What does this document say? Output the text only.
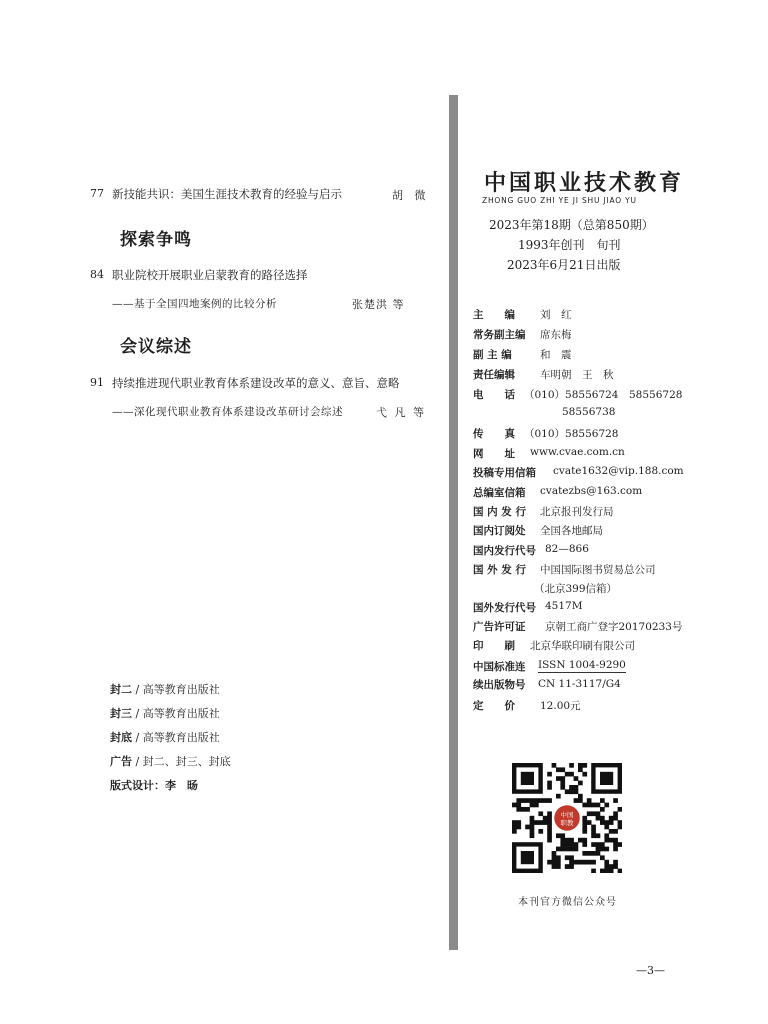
77 新技能共识：美国生涯技术教育的经验与启示	胡 微
探索争鸣
84 职业院校开展职业启蒙教育的路径选择
——基于全国四地案例的比较分析	张楚洪 等
会议综述
91 持续推进现代职业教育体系建设改革的意义、意旨、意略
——深化现代职业教育体系建设改革研讨会综述	弋 凡 等
封二 / 高等教育出版社
封三 / 高等教育出版社
封底 / 高等教育出版社
广告 / 封二、封三、封底
版式设计：李　旸
中国职业技术教育
ZHONG GUO ZHI YE JI SHU JIAO YU
2023年第18期（总第850期）
1993年创刊　旬刊
2023年6月21日出版
主　　编 刘　红
常务副主编 席东梅
副 主 编	和　震
责任编辑 车明朝　王　秋
电　　话 （010）58556724　58556728
58556738
传　　真 （010）58556728
网　　址 www.cvae.com.cn
投稿专用信箱 cvate1632@vip.188.com
总编室信箱 cvatezbs@163.com
国 内 发 行 北京报刊发行局
国内订阅处 全国各地邮局
国内发行代号 82—866
国 外 发 行 中国国际图书贸易总公司
（北京399信箱）
国外发行代号 4517M
广告许可证 京朝工商广登字20170233号
印　　刷 北京华联印刷有限公司
中国标准连 ISSN 1004-9290
续出版物号 CN 11-3117/G4
定　　价 12.00元
中国
职教
本刊官方微信公众号
—3—
